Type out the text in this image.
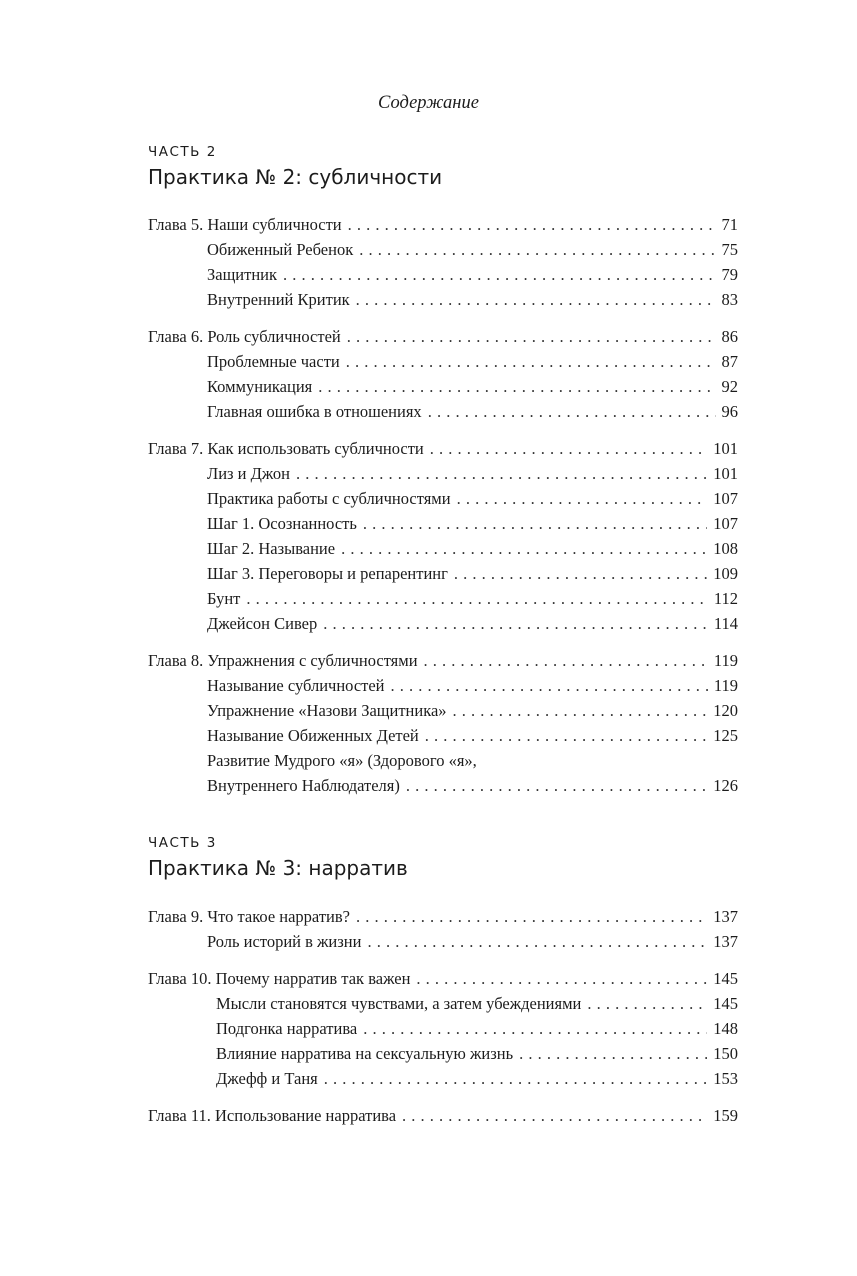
Содержание
ЧАСТЬ 2
Практика № 2: субличности
Глава 5. Наши субличности . . .	71
Обиженный Ребенок . . .	75
Защитник . . .	79
Внутренний Критик . . .	83
Глава 6. Роль субличностей . . .	86
Проблемные части . . .	87
Коммуникация . . .	92
Главная ошибка в отношениях . . .	96
Глава 7. Как использовать субличности . . .	101
Лиз и Джон . . .	101
Практика работы с субличностями . . .	107
Шаг 1. Осознанность . . .	107
Шаг 2. Называние . . .	108
Шаг 3. Переговоры и репарентинг . . .	109
Бунт . . .	112
Джейсон Сивер . . .	114
Глава 8. Упражнения с субличностями . . .	119
Называние субличностей . . .	119
Упражнение «Назови Защитника» . . .	120
Называние Обиженных Детей . . .	125
Развитие Мудрого «я» (Здорового «я»,
Внутреннего Наблюдателя) . . .	126
ЧАСТЬ 3
Практика № 3: нарратив
Глава 9. Что такое нарратив? . . .	137
Роль историй в жизни . . .	137
Глава 10. Почему нарратив так важен . . .	145
Мысли становятся чувствами, а затем убеждениями . . .	145
Подгонка нарратива . . .	148
Влияние нарратива на сексуальную жизнь . . .	150
Джефф и Таня . . .	153
Глава 11. Использование нарратива . . .	159
